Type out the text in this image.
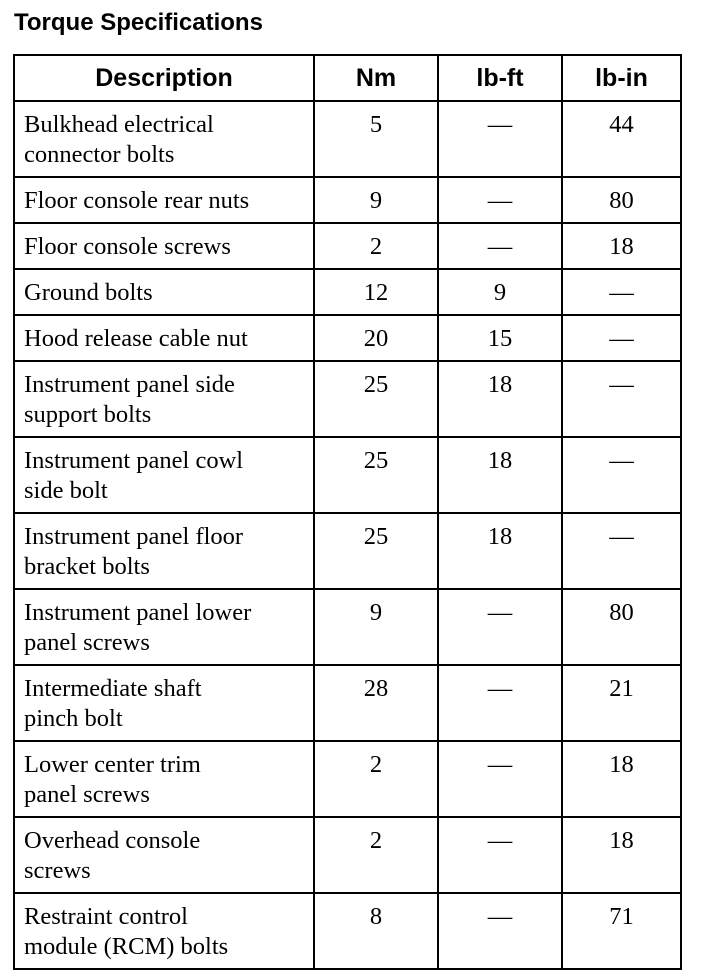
Torque Specifications
Description	Nm	lb-ft	lb-in
Bulkhead electrical
connector bolts	5	—	44
Floor console rear nuts	9	—	80
Floor console screws	2	—	18
Ground bolts	12	9	—
Hood release cable nut	20	15	—
Instrument panel side
support bolts	25	18	—
Instrument panel cowl
side bolt	25	18	—
Instrument panel floor
bracket bolts	25	18	—
Instrument panel lower
panel screws	9	—	80
Intermediate shaft
pinch bolt	28	—	21
Lower center trim
panel screws	2	—	18
Overhead console
screws	2	—	18
Restraint control
module (RCM) bolts	8	—	71
